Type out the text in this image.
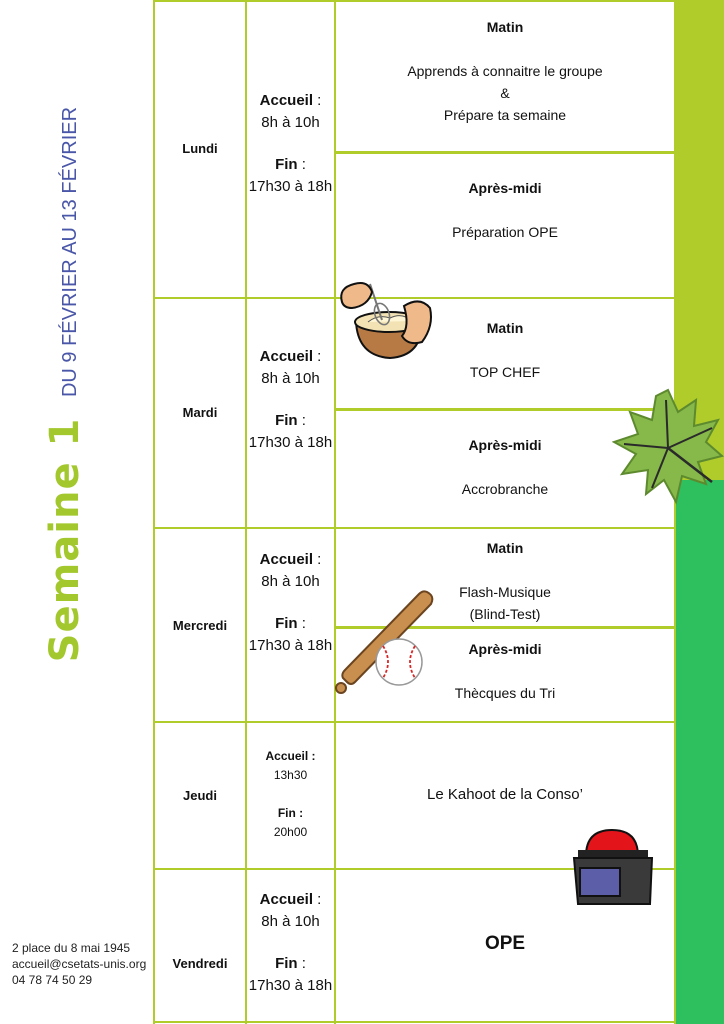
Semaine 1
DU 9 FÉVRIER AU 13 FÉVRIER
2 place du 8 mai 1945
accueil@csetats-unis.org
04 78 74 50 29
Lundi
Accueil :
8h à 10h
Fin :
17h30 à 18h
Matin
Apprends à connaitre le groupe
&
Prépare ta semaine
Après-midi
Préparation OPE
Mardi
Accueil :
8h à 10h
Fin :
17h30 à 18h
Matin
TOP CHEF
Après-midi
Accrobranche
Mercredi
Accueil :
8h à 10h
Fin :
17h30 à 18h
Matin
Flash-Musique
(Blind-Test)
Après-midi
Thècques du Tri
Jeudi
Accueil :
13h30
Fin :
20h00
Le Kahoot de la Conso’
Vendredi
Accueil :
8h à 10h
Fin :
17h30 à 18h
OPE
